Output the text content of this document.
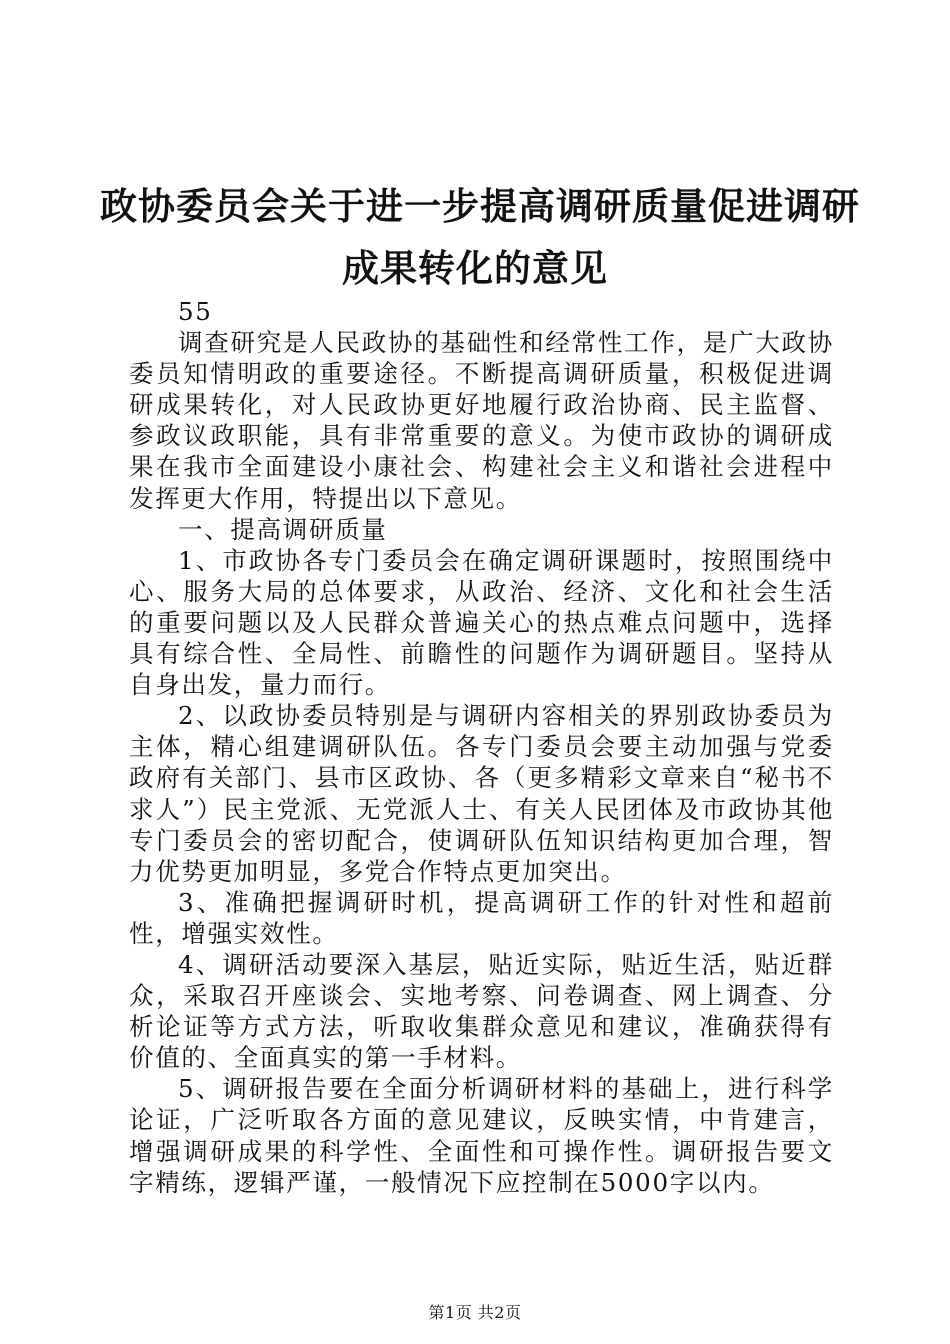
政协委员会关于进一步提高调研质量促进调研
成果转化的意见

55

调查研究是人民政协的基础性和经常性工作，是广大政协委员知情明政的重要途径。不断提高调研质量，积极促进调研成果转化，对人民政协更好地履行政治协商、民主监督、参政议政职能，具有非常重要的意义。为使市政协的调研成果在我市全面建设小康社会、构建社会主义和谐社会进程中发挥更大作用，特提出以下意见。

一、提高调研质量

1、市政协各专门委员会在确定调研课题时，按照围绕中心、服务大局的总体要求，从政治、经济、文化和社会生活的重要问题以及人民群众普遍关心的热点难点问题中，选择具有综合性、全局性、前瞻性的问题作为调研题目。坚持从自身出发，量力而行。

2、以政协委员特别是与调研内容相关的界别政协委员为主体，精心组建调研队伍。各专门委员会要主动加强与党委政府有关部门、县市区政协、各（更多精彩文章来自“秘书不求人”）民主党派、无党派人士、有关人民团体及市政协其他专门委员会的密切配合，使调研队伍知识结构更加合理，智力优势更加明显，多党合作特点更加突出。

3、准确把握调研时机，提高调研工作的针对性和超前性，增强实效性。

4、调研活动要深入基层，贴近实际，贴近生活，贴近群众，采取召开座谈会、实地考察、问卷调查、网上调查、分析论证等方式方法，听取收集群众意见和建议，准确获得有价值的、全面真实的第一手材料。

5、调研报告要在全面分析调研材料的基础上，进行科学论证，广泛听取各方面的意见建议，反映实情，中肯建言，增强调研成果的科学性、全面性和可操作性。调研报告要文字精练，逻辑严谨，一般情况下应控制在5000字以内。

第1页 共2页
